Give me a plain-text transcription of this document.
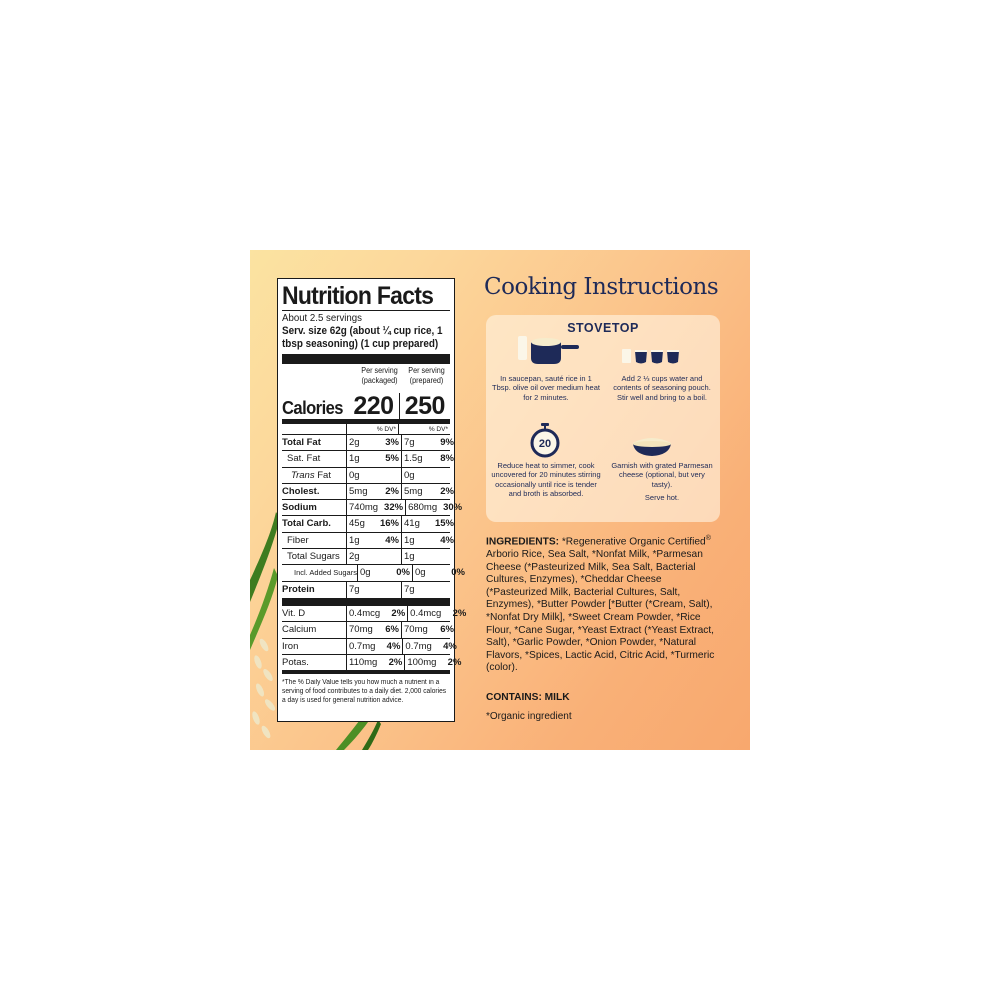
Nutrition Facts
About 2.5 servings
Serv. size 62g (about ¼ cup rice, 1 tbsp seasoning) (1 cup prepared)
Per serving (packaged)
Per serving (prepared)
Calories 220 250
% DV*	% DV*
Total Fat	2g	3% 7g	9%
Sat. Fat	1g	5% 1.5g	8%
Trans Fat	0g	0g
Cholest.	5mg	2% 5mg	2%
Sodium	740mg 32% 680mg 30%
Total Carb.	45g	16% 41g	15%
Fiber	1g	4% 1g	4%
Total Sugars 2g	1g
Incl. Added Sugars 0g	0% 0g	0%
Protein	7g	7g
Vit. D	0.4mcg	2% 0.4mcg	2%
Calcium	70mg	6% 70mg	6%
Iron	0.7mg	4% 0.7mg	4%
Potas.	110mg	2% 100mg	2%
*The % Daily Value tells you how much a nutrient in a serving of food contributes to a daily diet. 2,000 calories a day is used for general nutrition advice.
Cooking Instructions
STOVETOP
In saucepan, sauté rice in 1 Tbsp. olive oil over medium heat for 2 minutes.
Add 2 ⅓ cups water and contents of seasoning pouch. Stir well and bring to a boil.
20
Reduce heat to simmer, cook uncovered for 20 minutes stirring occasionally until rice is tender and broth is absorbed.
Garnish with grated Parmesan cheese (optional, but very tasty).
Serve hot.
INGREDIENTS: *Regenerative Organic Certified® Arborio Rice, Sea Salt, *Nonfat Milk, *Parmesan Cheese (*Pasteurized Milk, Sea Salt, Bacterial Cultures, Enzymes), *Cheddar Cheese (*Pasteurized Milk, Bacterial Cultures, Salt, Enzymes), *Butter Powder [*Butter (*Cream, Salt), *Nonfat Dry Milk], *Sweet Cream Powder, *Rice Flour, *Cane Sugar, *Yeast Extract (*Yeast Extract, Salt), *Garlic Powder, *Onion Powder, *Natural Flavors, *Spices, Lactic Acid, Citric Acid, *Turmeric (color).
CONTAINS: MILK
*Organic ingredient
